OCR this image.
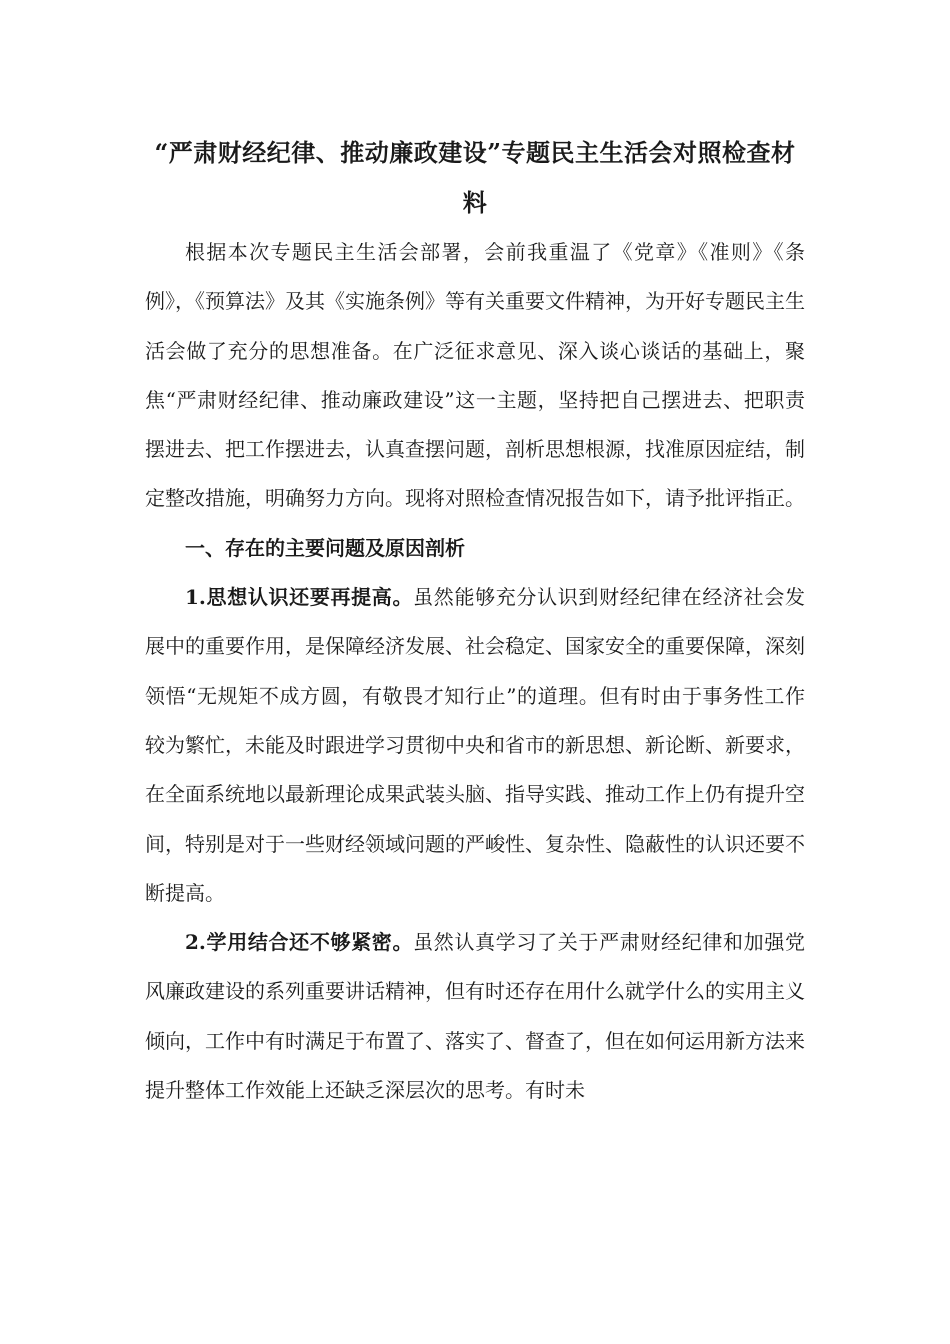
“严肃财经纪律、推动廉政建设”专题民主生活会对照检查材料

根据本次专题民主生活会部署，会前我重温了《党章》《准则》《条例》，《预算法》及其《实施条例》等有关重要文件精神，为开好专题民主生活会做了充分的思想准备。在广泛征求意见、深入谈心谈话的基础上，聚焦“严肃财经纪律、推动廉政建设”这一主题，坚持把自己摆进去、把职责摆进去、把工作摆进去，认真查摆问题，剖析思想根源，找准原因症结，制定整改措施，明确努力方向。现将对照检查情况报告如下，请予批评指正。

一、存在的主要问题及原因剖析

1.思想认识还要再提高。虽然能够充分认识到财经纪律在经济社会发展中的重要作用，是保障经济发展、社会稳定、国家安全的重要保障，深刻领悟“无规矩不成方圆，有敬畏才知行止”的道理。但有时由于事务性工作较为繁忙，未能及时跟进学习贯彻中央和省市的新思想、新论断、新要求，在全面系统地以最新理论成果武装头脑、指导实践、推动工作上仍有提升空间，特别是对于一些财经领域问题的严峻性、复杂性、隐蔽性的认识还要不断提高。

2.学用结合还不够紧密。虽然认真学习了关于严肃财经纪律和加强党风廉政建设的系列重要讲话精神，但有时还存在用什么就学什么的实用主义倾向，工作中有时满足于布置了、落实了、督查了，但在如何运用新方法来提升整体工作效能上还缺乏深层次的思考。有时未
